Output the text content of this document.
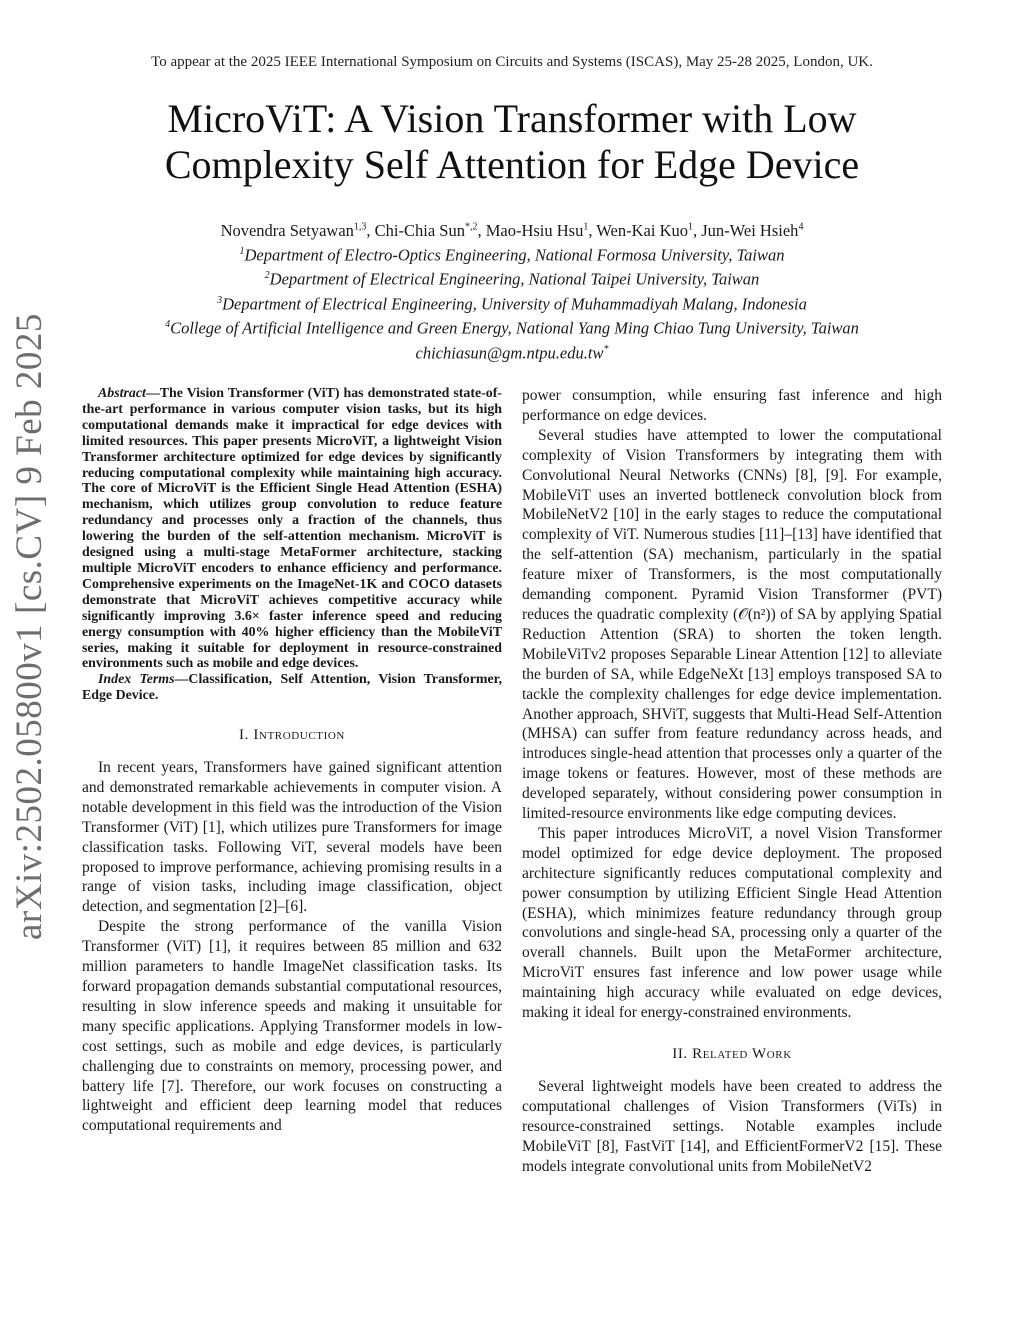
To appear at the 2025 IEEE International Symposium on Circuits and Systems (ISCAS), May 25-28 2025, London, UK.
MicroViT: A Vision Transformer with Low
Complexity Self Attention for Edge Device
Novendra Setyawan$^{1,3}$, Chi-Chia Sun$^{*,2}$, Mao-Hsiu Hsu$^1$, Wen-Kai Kuo$^1$, Jun-Wei Hsieh$^4$
$^1$Department of Electro-Optics Engineering, National Formosa University, Taiwan
$^2$Department of Electrical Engineering, National Taipei University, Taiwan
$^3$Department of Electrical Engineering, University of Muhammadiyah Malang, Indonesia
$^4$College of Artificial Intelligence and Green Energy, National Yang Ming Chiao Tung University, Taiwan
chichiasun@gm.ntpu.edu.tw*
arXiv:2502.05800v1 [cs.CV] 9 Feb 2025	Abstract—The Vision Transformer (ViT) has demonstrated state-of-the-art performance in various computer vision tasks, but its high computational demands make it impractical for edge devices with limited resources. This paper presents MicroViT, a lightweight Vision Transformer architecture optimized for edge devices by significantly reducing computational complexity while maintaining high accuracy. The core of MicroViT is the Efficient Single Head Attention (ESHA) mechanism, which utilizes group convolution to reduce feature redundancy and processes only a fraction of the channels, thus lowering the burden of the self-attention mechanism. MicroViT is designed using a multi-stage MetaFormer architecture, stacking multiple MicroViT encoders to enhance efficiency and performance. Comprehensive experiments on the ImageNet-1K and COCO datasets demonstrate that MicroViT achieves competitive accuracy while significantly improving 3.6× faster inference speed and reducing energy consumption with 40% higher efficiency than the MobileViT series, making it suitable for deployment in resource-constrained environments such as mobile and edge devices.

Index Terms—Classification, Self Attention, Vision Transformer, Edge Device.

I. Introduction

In recent years, Transformers have gained significant attention and demonstrated remarkable achievements in computer vision. A notable development in this field was the introduction of the Vision Transformer (ViT) [1], which utilizes pure Transformers for image classification tasks. Following ViT, several models have been proposed to improve performance, achieving promising results in a range of vision tasks, including image classification, object detection, and segmentation [2]–[6].

Despite the strong performance of the vanilla Vision Transformer (ViT) [1], it requires between 85 million and 632 million parameters to handle ImageNet classification tasks. Its forward propagation demands substantial computational resources, resulting in slow inference speeds and making it unsuitable for many specific applications. Applying Transformer models in low-cost settings, such as mobile and edge devices, is particularly challenging due to constraints on memory, processing power, and battery life [7]. Therefore, our work focuses on constructing a lightweight and efficient deep learning model that reduces computational requirements and

power consumption, while ensuring fast inference and high performance on edge devices.

Several studies have attempted to lower the computational complexity of Vision Transformers by integrating them with Convolutional Neural Networks (CNNs) [8], [9]. For example, MobileViT uses an inverted bottleneck convolution block from MobileNetV2 [10] in the early stages to reduce the computational complexity of ViT. Numerous studies [11]–[13] have identified that the self-attention (SA) mechanism, particularly in the spatial feature mixer of Transformers, is the most computationally demanding component. Pyramid Vision Transformer (PVT) reduces the quadratic complexity (𝒪(n²)) of SA by applying Spatial Reduction Attention (SRA) to shorten the token length. MobileViTv2 proposes Separable Linear Attention [12] to alleviate the burden of SA, while EdgeNeXt [13] employs transposed SA to tackle the complexity challenges for edge device implementation. Another approach, SHViT, suggests that Multi-Head Self-Attention (MHSA) can suffer from feature redundancy across heads, and introduces single-head attention that processes only a quarter of the image tokens or features. However, most of these methods are developed separately, without considering power consumption in limited-resource environments like edge computing devices.

This paper introduces MicroViT, a novel Vision Transformer model optimized for edge device deployment. The proposed architecture significantly reduces computational complexity and power consumption by utilizing Efficient Single Head Attention (ESHA), which minimizes feature redundancy through group convolutions and single-head SA, processing only a quarter of the overall channels. Built upon the MetaFormer architecture, MicroViT ensures fast inference and low power usage while maintaining high accuracy while evaluated on edge devices, making it ideal for energy-constrained environments.

II. Related Work

Several lightweight models have been created to address the computational challenges of Vision Transformers (ViTs) in resource-constrained settings. Notable examples include MobileViT [8], FastViT [14], and EfficientFormerV2 [15]. These models integrate convolutional units from MobileNetV2
